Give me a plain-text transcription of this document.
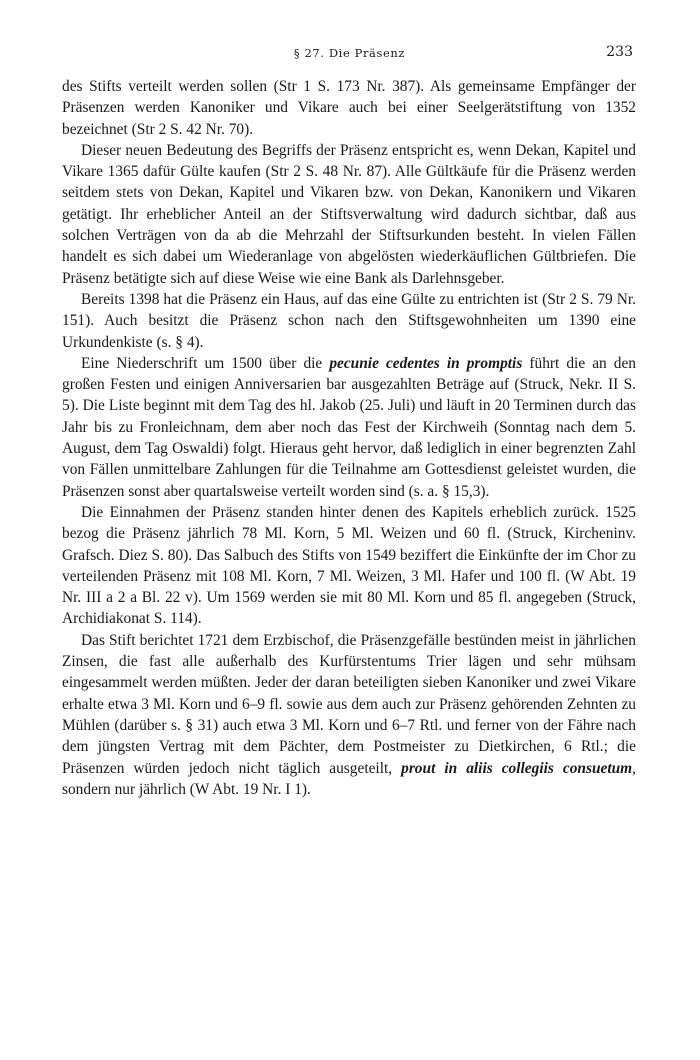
§ 27. Die Präsenz	233

des Stifts verteilt werden sollen (Str 1 S. 173 Nr. 387). Als gemeinsame Empfänger der Präsenzen werden Kanoniker und Vikare auch bei einer Seelgerätstiftung von 1352 bezeichnet (Str 2 S. 42 Nr. 70).

Dieser neuen Bedeutung des Begriffs der Präsenz entspricht es, wenn Dekan, Kapitel und Vikare 1365 dafür Gülte kaufen (Str 2 S. 48 Nr. 87). Alle Gültkäufe für die Präsenz werden seitdem stets von Dekan, Kapitel und Vikaren bzw. von Dekan, Kanonikern und Vikaren getätigt. Ihr erheblicher Anteil an der Stiftsverwaltung wird dadurch sichtbar, daß aus solchen Verträgen von da ab die Mehrzahl der Stiftsurkunden besteht. In vielen Fällen handelt es sich dabei um Wiederanlage von abgelösten wiederkäuflichen Gültbriefen. Die Präsenz betätigte sich auf diese Weise wie eine Bank als Darlehnsgeber.

Bereits 1398 hat die Präsenz ein Haus, auf das eine Gülte zu entrichten ist (Str 2 S. 79 Nr. 151). Auch besitzt die Präsenz schon nach den Stiftsgewohnheiten um 1390 eine Urkundenkiste (s. § 4).

Eine Niederschrift um 1500 über die pecunie cedentes in promptis führt die an den großen Festen und einigen Anniversarien bar ausgezahlten Beträge auf (Struck, Nekr. II S. 5). Die Liste beginnt mit dem Tag des hl. Jakob (25. Juli) und läuft in 20 Terminen durch das Jahr bis zu Fronleichnam, dem aber noch das Fest der Kirchweih (Sonntag nach dem 5. August, dem Tag Oswaldi) folgt. Hieraus geht hervor, daß lediglich in einer begrenzten Zahl von Fällen unmittelbare Zahlungen für die Teilnahme am Gottesdienst geleistet wurden, die Präsenzen sonst aber quartalsweise verteilt worden sind (s. a. § 15,3).

Die Einnahmen der Präsenz standen hinter denen des Kapitels erheblich zurück. 1525 bezog die Präsenz jährlich 78 Ml. Korn, 5 Ml. Weizen und 60 fl. (Struck, Kircheninv. Grafsch. Diez S. 80). Das Salbuch des Stifts von 1549 beziffert die Einkünfte der im Chor zu verteilenden Präsenz mit 108 Ml. Korn, 7 Ml. Weizen, 3 Ml. Hafer und 100 fl. (W Abt. 19 Nr. III a 2 a Bl. 22 v). Um 1569 werden sie mit 80 Ml. Korn und 85 fl. angegeben (Struck, Archidiakonat S. 114).

Das Stift berichtet 1721 dem Erzbischof, die Präsenzgefälle bestünden meist in jährlichen Zinsen, die fast alle außerhalb des Kurfürstentums Trier lägen und sehr mühsam eingesammelt werden müßten. Jeder der daran beteiligten sieben Kanoniker und zwei Vikare erhalte etwa 3 Ml. Korn und 6–9 fl. sowie aus dem auch zur Präsenz gehörenden Zehnten zu Mühlen (darüber s. § 31) auch etwa 3 Ml. Korn und 6–7 Rtl. und ferner von der Fähre nach dem jüngsten Vertrag mit dem Pächter, dem Postmeister zu Dietkirchen, 6 Rtl.; die Präsenzen würden jedoch nicht täglich ausgeteilt, prout in aliis collegiis consuetum, sondern nur jährlich (W Abt. 19 Nr. I 1).
